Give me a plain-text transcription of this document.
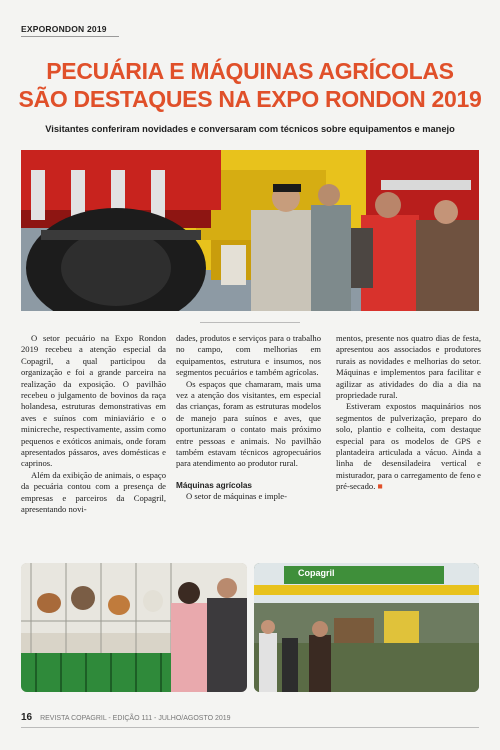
EXPORONDON 2019
PECUÁRIA E MÁQUINAS AGRÍCOLAS
SÃO DESTAQUES NA EXPO RONDON 2019
Visitantes conferiram novidades e conversaram com técnicos sobre equipamentos e manejo

O setor pecuário na Expo Rondon 2019 recebeu a atenção especial da Copagril, a qual participou da organização e foi a grande parceira na realização da exposição. O pavilhão recebeu o julgamento de bovinos da raça holandesa, estruturas demonstrativas em aves e suínos com miniaviário e o minicreche, respectivamente, assim como pequenos e exóticos animais, onde foram apresentados pássaros, aves domésticas e caprinos.

Além da exibição de animais, o espaço da pecuária contou com a presença de empresas e parceiros da Copagril, apresentando novi-

dades, produtos e serviços para o trabalho no campo, com melhorias em equipamentos, estrutura e insumos, nos segmentos pecuários e também agrícolas.

Os espaços que chamaram, mais uma vez a atenção dos visitantes, em especial das crianças, foram as estruturas modelos de manejo para suínos e aves, que oportunizaram o contato mais próximo entre pessoas e animais. No pavilhão também estavam técnicos agropecuários para atendimento ao produtor rural.

Máquinas agrícolas

O setor de máquinas e imple-

mentos, presente nos quatro dias de festa, apresentou aos associados e produtores rurais as novidades e melhorias do setor. Máquinas e implementos para facilitar e agilizar as atividades do dia a dia na propriedade rural.

Estiveram expostos maquinários nos segmentos de pulverização, preparo do solo, plantio e colheita, com destaque especial para os modelos de GPS e plantadeira articulada a vácuo. Ainda a linha de desensiladeira vertical e misturador, para o carregamento de feno e pré-secado. ■

Copagril
16 REVISTA COPAGRIL - EDIÇÃO 111 - JULHO/AGOSTO 2019
